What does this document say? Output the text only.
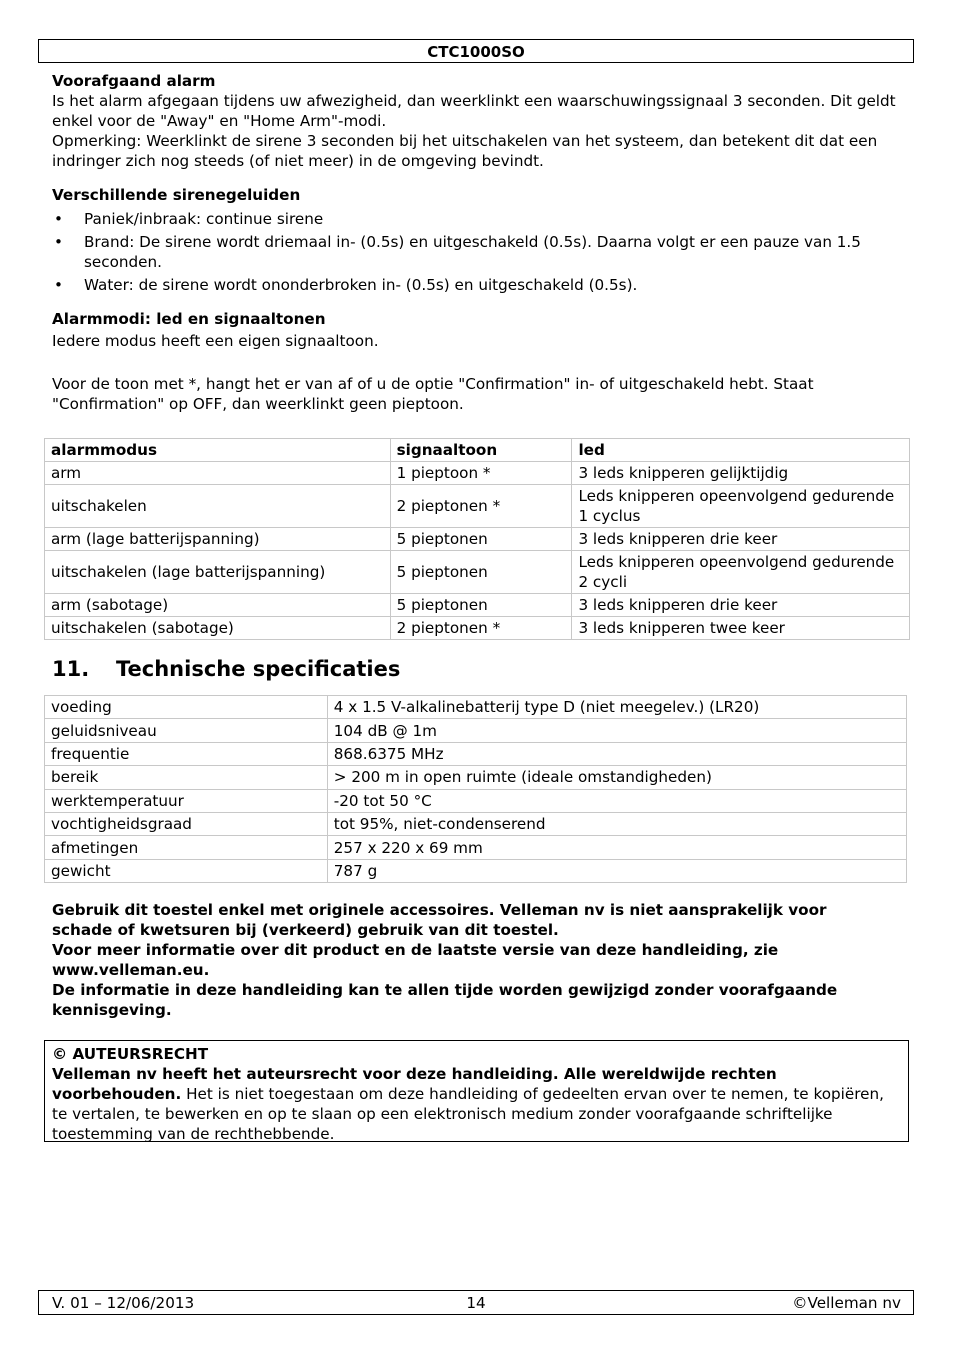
CTC1000SO
Voorafgaand alarm

Is het alarm afgegaan tijdens uw afwezigheid, dan weerklinkt een waarschuwingssignaal 3 seconden. Dit geldt enkel voor de "Away" en "Home Arm"-modi.

Opmerking: Weerklinkt de sirene 3 seconden bij het uitschakelen van het systeem, dan betekent dit dat een indringer zich nog steeds (of niet meer) in de omgeving bevindt.

Verschillende sirenegeluiden
• Paniek/inbraak: continue sirene
• Brand: De sirene wordt driemaal in- (0.5s) en uitgeschakeld (0.5s). Daarna volgt er een pauze van 1.5 seconden.
• Water: de sirene wordt ononderbroken in- (0.5s) en uitgeschakeld (0.5s).
Alarmmodi: led en signaaltonen

Iedere modus heeft een eigen signaaltoon.

Voor de toon met *, hangt het er van af of u de optie "Confirmation" in- of uitgeschakeld hebt. Staat "Confirmation" op OFF, dan weerklinkt geen pieptoon.

alarmmodus	signaaltoon	led
arm	1 pieptoon *	3 leds knipperen gelijktijdig
uitschakelen	2 pieptonen *	Leds knipperen opeenvolgend gedurende 1 cyclus
arm (lage batterijspanning)	5 pieptonen	3 leds knipperen drie keer
uitschakelen (lage batterijspanning)	5 pieptonen	Leds knipperen opeenvolgend gedurende 2 cycli
arm (sabotage)	5 pieptonen	3 leds knipperen drie keer
uitschakelen (sabotage)	2 pieptonen *	3 leds knipperen twee keer
11. Technische specificaties
voeding	4 x 1.5 V-alkalinebatterij type D (niet meegelev.) (LR20)
geluidsniveau	104 dB @ 1m
frequentie	868.6375 MHz
bereik	> 200 m in open ruimte (ideale omstandigheden)
werktemperatuur	-20 tot 50 °C
vochtigheidsgraad	tot 95%, niet-condenserend
afmetingen	257 x 220 x 69 mm
gewicht	787 g

Gebruik dit toestel enkel met originele accessoires. Velleman nv is niet aansprakelijk voor schade of kwetsuren bij (verkeerd) gebruik van dit toestel.

Voor meer informatie over dit product en de laatste versie van deze handleiding, zie www.velleman.eu.

De informatie in deze handleiding kan te allen tijde worden gewijzigd zonder voorafgaande kennisgeving.

© AUTEURSRECHT

Velleman nv heeft het auteursrecht voor deze handleiding. Alle wereldwijde rechten voorbehouden. Het is niet toegestaan om deze handleiding of gedeelten ervan over te nemen, te kopiëren, te vertalen, te bewerken en op te slaan op een elektronisch medium zonder voorafgaande schriftelijke toestemming van de rechthebbende.

14
V. 01 – 12/06/2013	©Velleman nv
